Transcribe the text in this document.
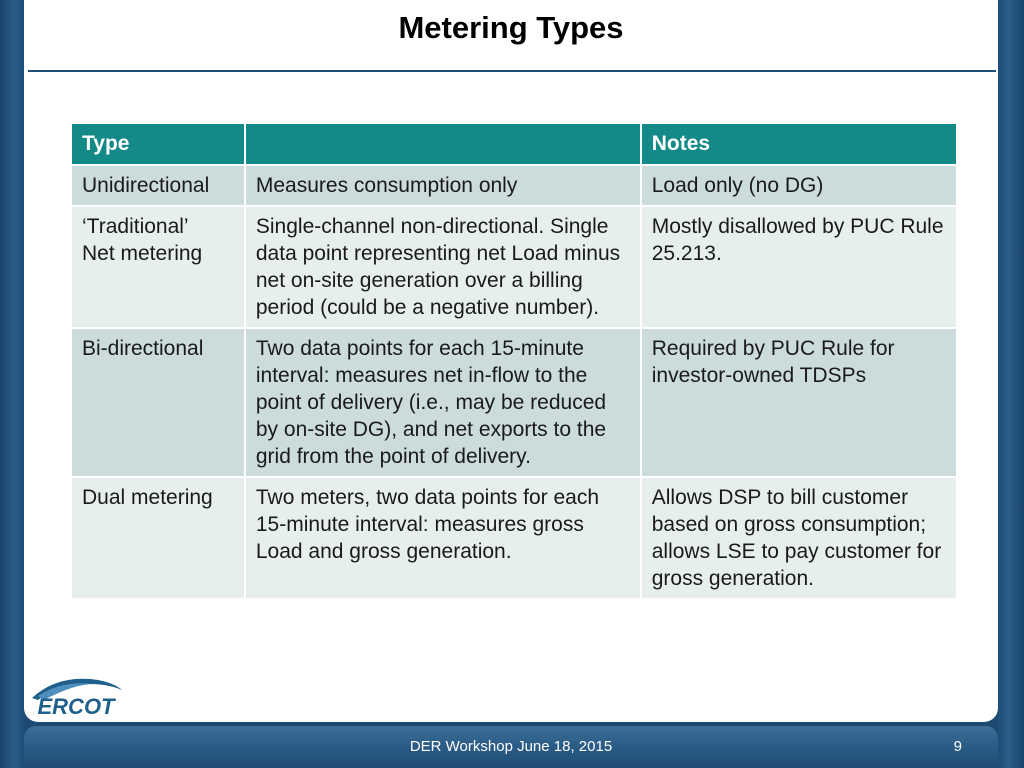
Metering Types
Type		Notes
Unidirectional	Measures consumption only	Load only (no DG)
‘Traditional’ Net metering	Single-channel non-directional. Single data point representing net Load minus net on-site generation over a billing period (could be a negative number).	Mostly disallowed by PUC Rule 25.213.
Bi-directional	Two data points for each 15-minute interval: measures net in-flow to the point of delivery (i.e., may be reduced by on-site DG), and net exports to the grid from the point of delivery.	Required by PUC Rule for investor-owned TDSPs
Dual metering	Two meters, two data points for each 15-minute interval: measures gross Load and gross generation.	Allows DSP to bill customer based on gross consumption; allows LSE to pay customer for gross generation.
ERCOT
DER Workshop June 18, 2015	9
